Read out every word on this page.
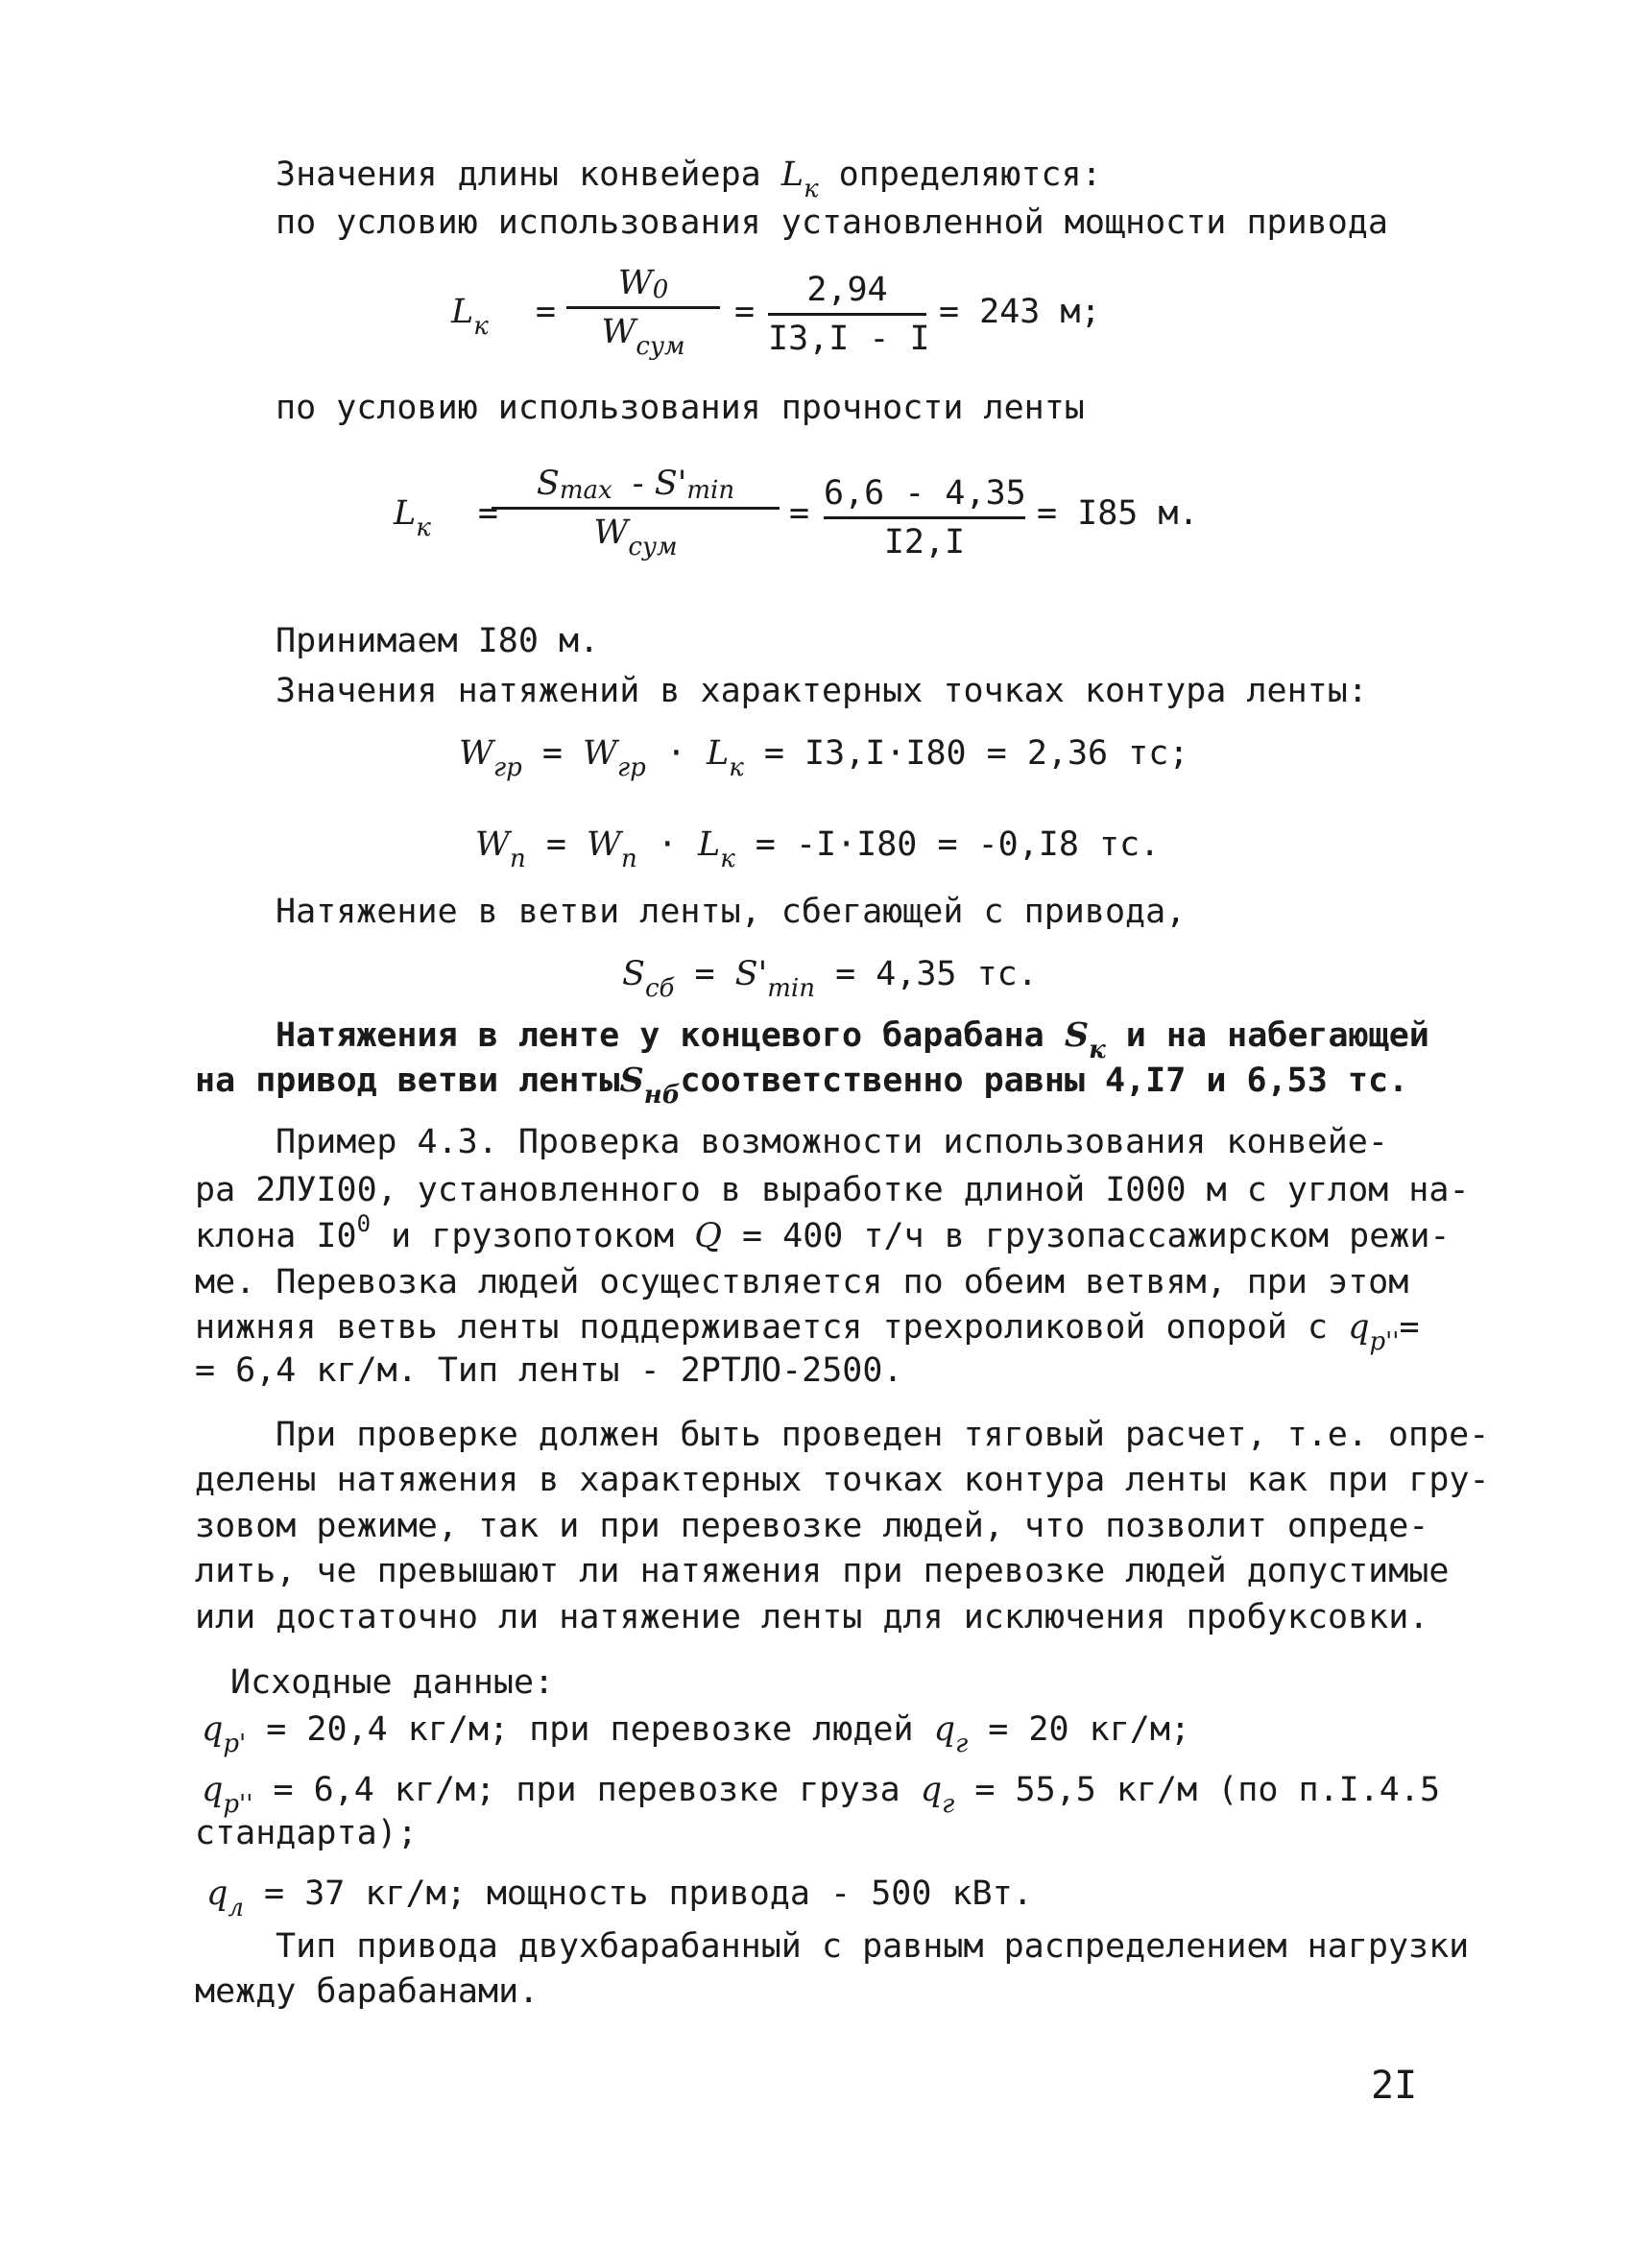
Значения длины конвейера $L_к$ определяются:
по условию использования установленной мощности привода
$L_к$ =
W0
$W_{сум}$
=
2,94
I3,I - I
= 243 м;
по условию использования прочности ленты
$L_к$ =
Smax - S'min
$W_{сум}$
=
6,6 - 4,35
I2,I
= I85 м.
Принимаем I80 м.
Значения натяжений в характерных точках контура ленты:
$W_{гр} = W_{гр} \cdot L_к = I3,I\cdot I80 = 2,36$ тс;
$W_п = W_п \cdot L_к = -I\cdot I80 = -0,I8$ тс.
Натяжение в ветви ленты, сбегающей с привода,
$S_{сб} = S'_{min} = 4,35$ тс.
Натяжения в ленте у концевого барабана $S_к$ и на набегающей
на привод ветви лентыS$_{нб}$соответственно равны 4,I7 и 6,53 тс.
Пример 4.3. Проверка возможности использования конвейе-
ра 2ЛУI00, установленного в выработке длиной I000 м с углом на-
клона $I0^0$ и грузопотоком Q = 400 т/ч в грузопассажирском режи-
ме. Перевозка людей осуществляется по обеим ветвям, при этом
нижняя ветвь ленты поддерживается трехроликовой опорой с $q_{р''}=$
= 6,4 кг/м. Тип ленты - 2РТЛО-2500.
При проверке должен быть проведен тяговый расчет, т.е. опре-
делены натяжения в характерных точках контура ленты как при гру-
зовом режиме, так и при перевозке людей, что позволит опреде-
лить, че превышают ли натяжения при перевозке людей допустимые
или достаточно ли натяжение ленты для исключения пробуксовки.
Исходные данные:
$q_{р'} = 20,4$ кг/м; при перевозке людей $q_г = 20$ кг/м;
$q_{р''} = 6,4$ кг/м; при перевозке груза $q_г = 55,5$ кг/м (по п.I.4.5
стандарта);
$q_л = 37$ кг/м; мощность привода - 500 кВт.
Тип привода двухбарабанный с равным распределением нагрузки
между барабанами.
2I
